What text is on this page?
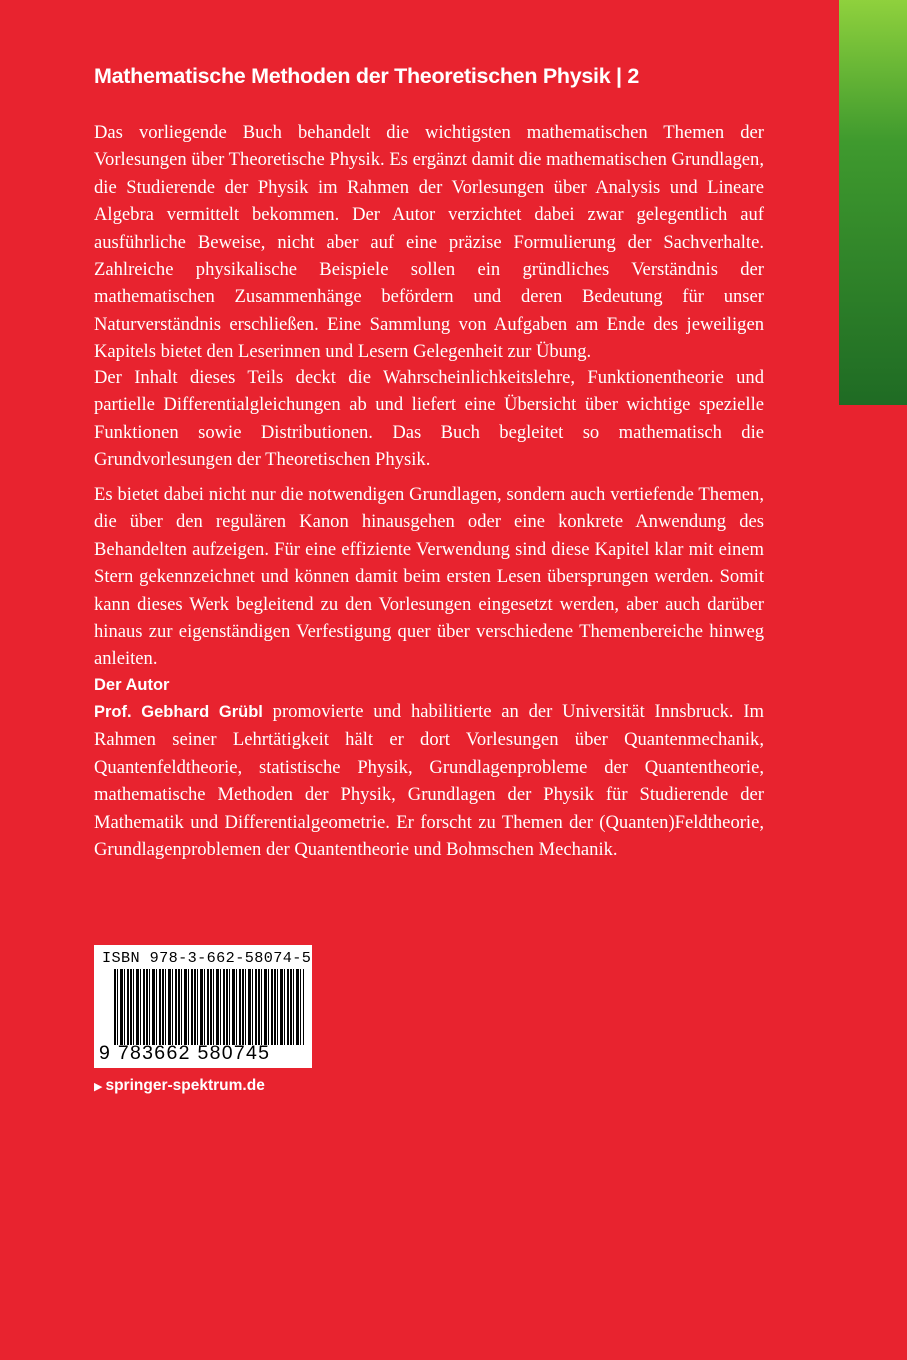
Mathematische Methoden der Theoretischen Physik | 2

Das vorliegende Buch behandelt die wichtigsten mathematischen Themen der Vorlesungen über Theoretische Physik. Es ergänzt damit die mathematischen Grundlagen, die Studierende der Physik im Rahmen der Vorlesungen über Analysis und Lineare Algebra vermittelt bekommen. Der Autor verzichtet dabei zwar gelegentlich auf ausführliche Beweise, nicht aber auf eine präzise Formulierung der Sachverhalte. Zahlreiche physikalische Beispiele sollen ein gründliches Verständnis der mathematischen Zusammenhänge befördern und deren Bedeutung für unser Naturverständnis erschließen. Eine Sammlung von Aufgaben am Ende des jeweiligen Kapitels bietet den Leserinnen und Lesern Gelegenheit zur Übung.

Der Inhalt dieses Teils deckt die Wahrscheinlichkeitslehre, Funktionentheorie und partielle Differentialgleichungen ab und liefert eine Übersicht über wichtige spezielle Funktionen sowie Distributionen. Das Buch begleitet so mathematisch die Grundvorlesungen der Theoretischen Physik.

Es bietet dabei nicht nur die notwendigen Grundlagen, sondern auch vertiefende Themen, die über den regulären Kanon hinausgehen oder eine konkrete Anwendung des Behandelten aufzeigen. Für eine effiziente Verwendung sind diese Kapitel klar mit einem Stern gekennzeichnet und können damit beim ersten Lesen übersprungen werden. Somit kann dieses Werk begleitend zu den Vorlesungen eingesetzt werden, aber auch darüber hinaus zur eigenständigen Verfestigung quer über verschiedene Themenbereiche hinweg anleiten.

Der Autor

Prof. Gebhard Grübl promovierte und habilitierte an der Universität Innsbruck. Im Rahmen seiner Lehrtätigkeit hält er dort Vorlesungen über Quantenmechanik, Quantenfeldtheorie, statistische Physik, Grundlagenprobleme der Quantentheorie, mathematische Methoden der Physik, Grundlagen der Physik für Studierende der Mathematik und Differentialgeometrie. Er forscht zu Themen der (Quanten)Feldtheorie, Grundlagenproblemen der Quantentheorie und Bohmschen Mechanik.

ISBN 978-3-662-58074-5
9 783662 580745
▶ springer-spektrum.de
